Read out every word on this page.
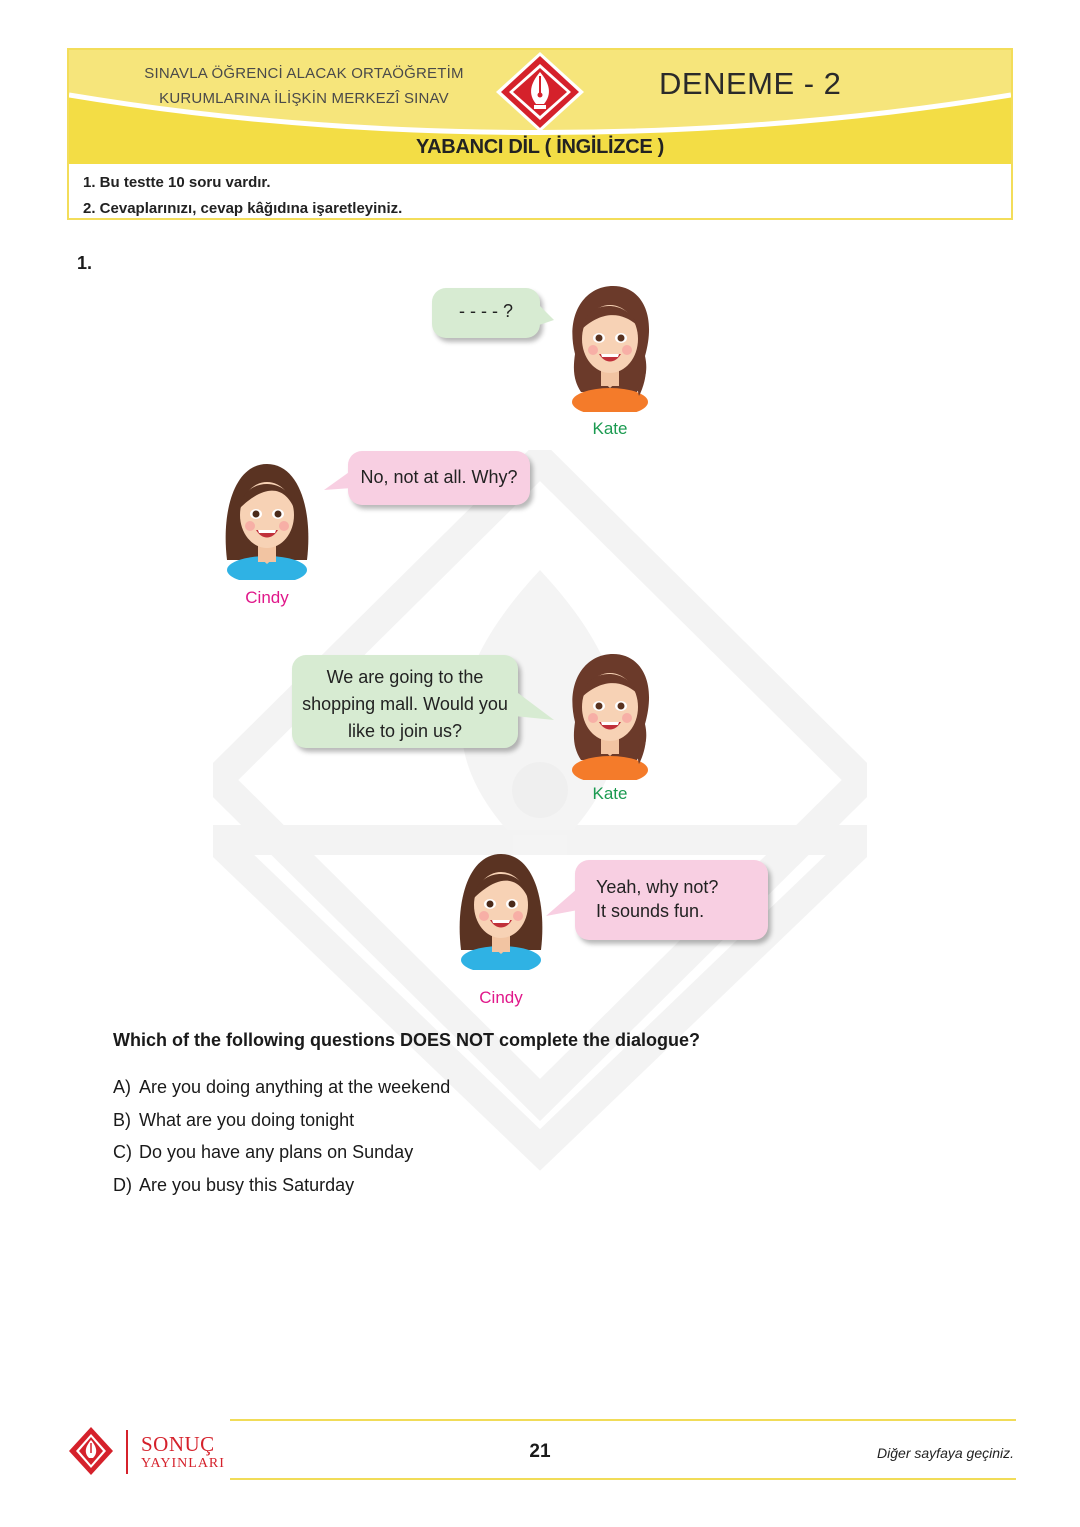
SINAVLA ÖĞRENCİ ALACAK ORTAÖĞRETİM
KURUMLARINA İLİŞKİN MERKEZÎ SINAV	DENEME - 2
YABANCI DİL ( İNGİLİZCE )
1. Bu testte 10 soru vardır.
2. Cevaplarınızı, cevap kâğıdına işaretleyiniz.
1.
- - - - ?
Kate
No, not at all. Why?
Cindy
We are going to the
shopping mall. Would you
like to join us?
Kate
Yeah, why not?
It sounds fun.
Cindy
Which of the following questions DOES NOT complete the dialogue?
A) Are you doing anything at the weekend
B) What are you doing tonight
C) Do you have any plans on Sunday
D) Are you busy this Saturday
SONUÇ
YAYINLARI
21	Diğer sayfaya geçiniz.
